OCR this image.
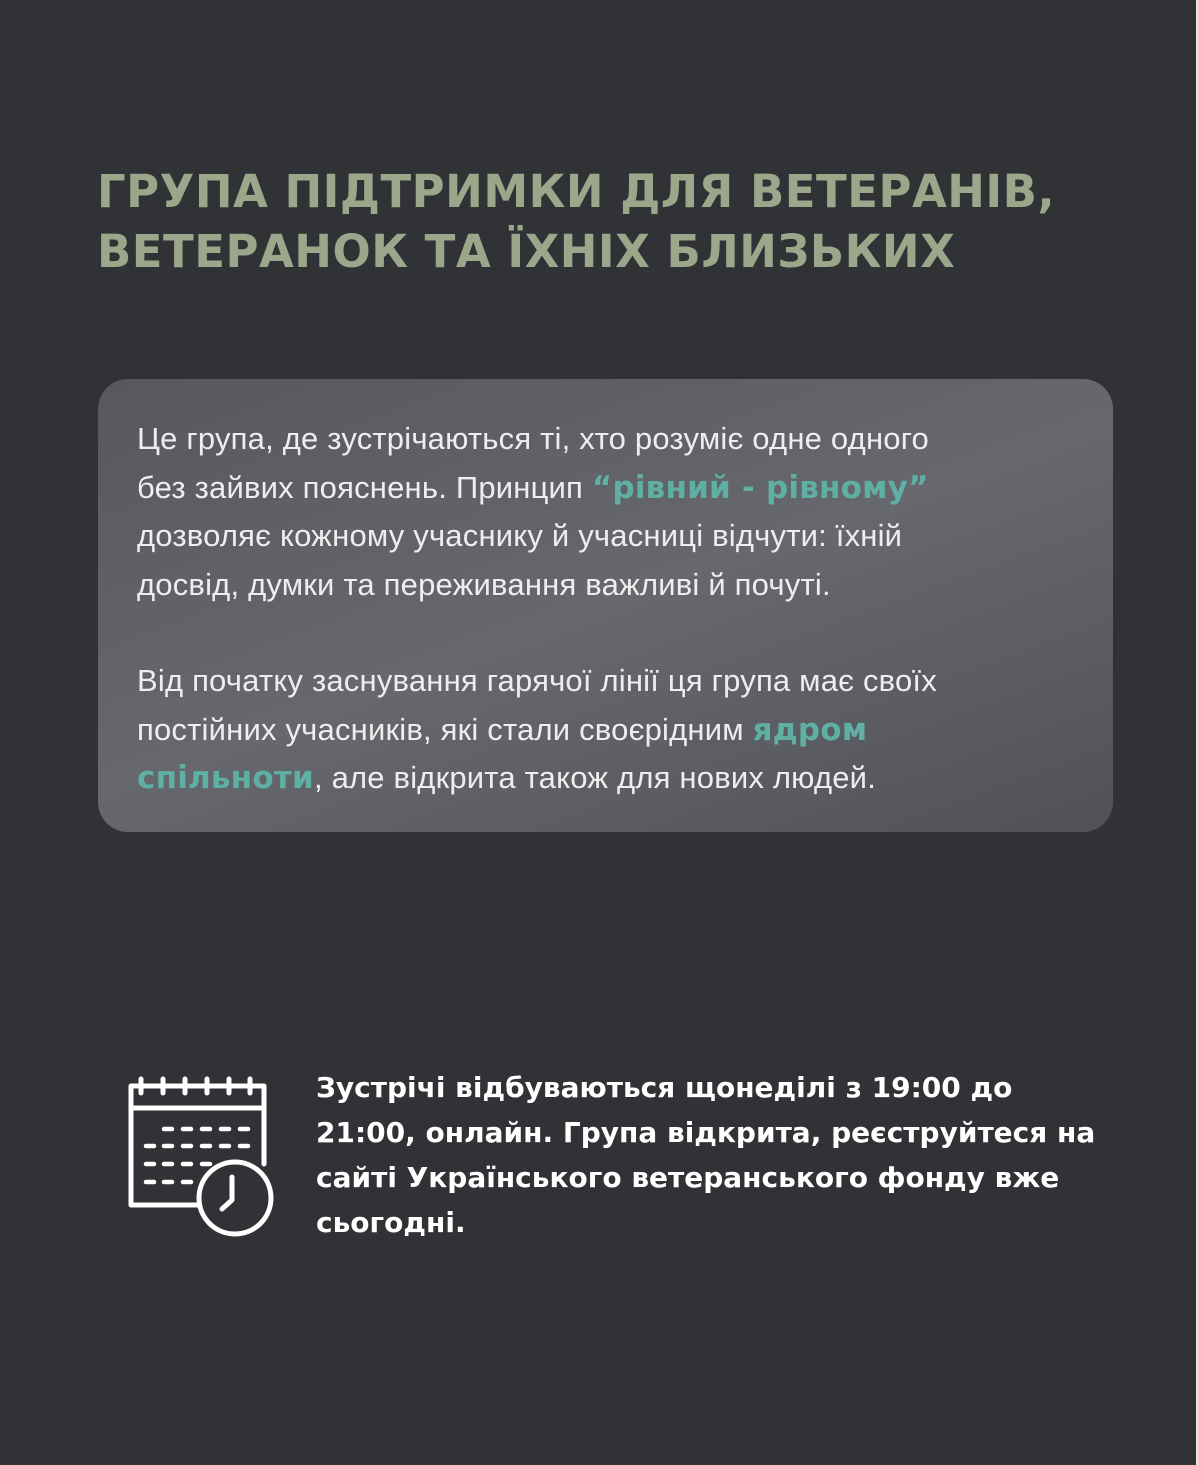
ГРУПА ПІДТРИМКИ ДЛЯ ВЕТЕРАНІВ,
ВЕТЕРАНОК ТА ЇХНІХ БЛИЗЬКИХ

Це група, де зустрічаються ті, хто розуміє одне одного
без зайвих пояснень. Принцип “рівний - рівному”
дозволяє кожному учаснику й учасниці відчути: їхній
досвід, думки та переживання важливі й почуті.

Від початку заснування гарячої лінії ця група має своїх
постійних учасників, які стали своєрідним ядром
спільноти, але відкрита також для нових людей.

Зустрічі відбуваються щонеділі з 19:00 до
21:00, онлайн. Група відкрита, реєструйтеся на
сайті Українського ветеранського фонду вже
сьогодні.
